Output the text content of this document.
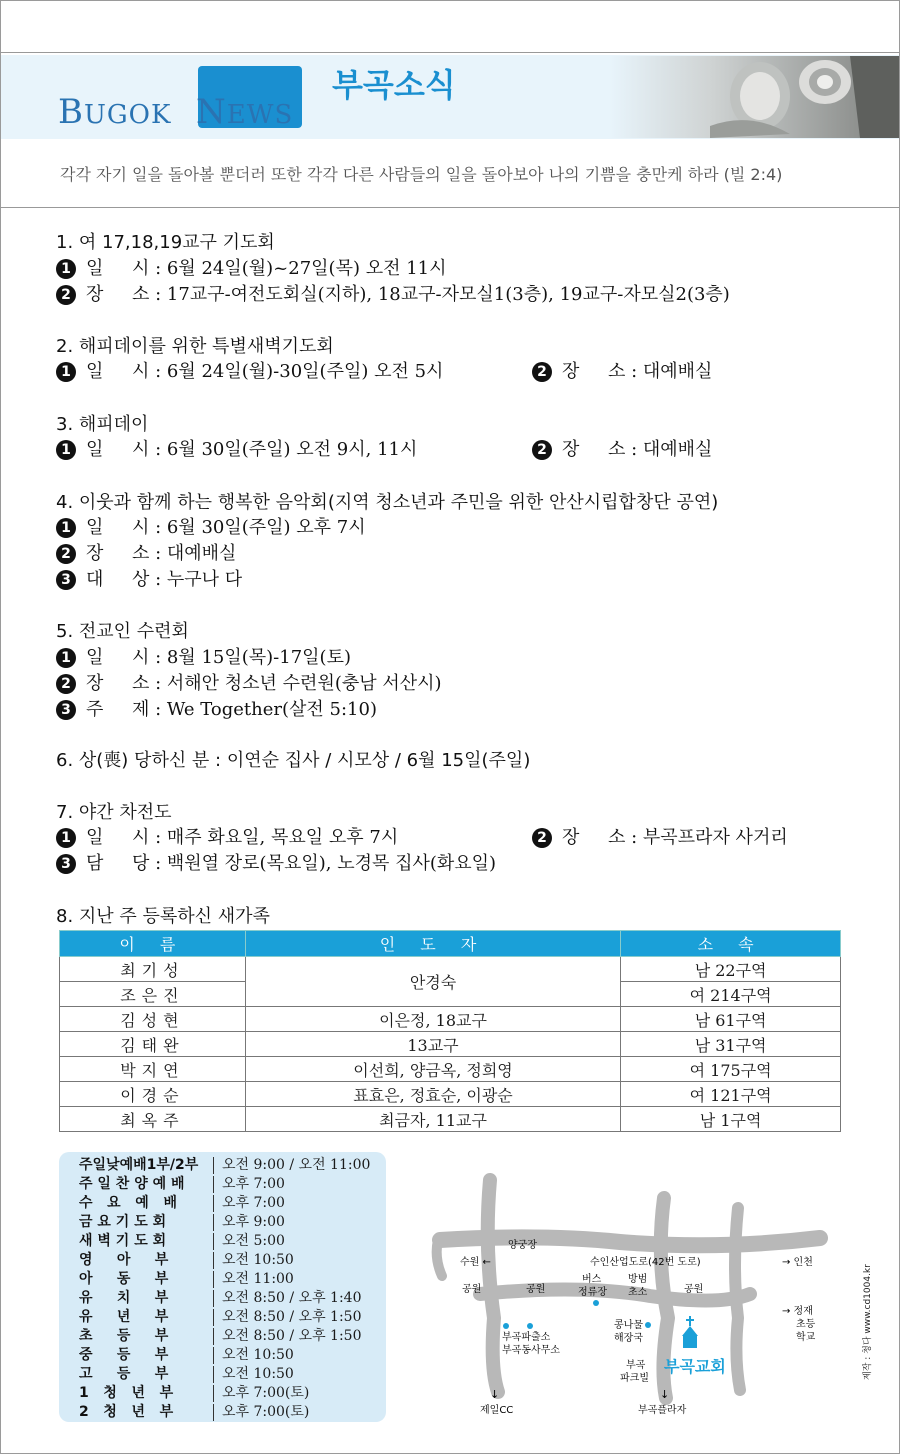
BUGOK NEWS
부곡소식
각각 자기 일을 돌아볼 뿐더러 또한 각각 다른 사람들의 일을 돌아보아 나의 기쁨을 충만케 하라 (빌 2:4)
1. 여 17,18,19교구 기도회
1 일     시 : 6월 24일(월)~27일(목) 오전 11시
2 장     소 : 17교구-여전도회실(지하), 18교구-자모실1(3층), 19교구-자모실2(3층)
2. 해피데이를 위한 특별새벽기도회
1 일     시 : 6월 24일(월)-30일(주일) 오전 5시	2 장     소 : 대예배실
3. 해피데이
1 일     시 : 6월 30일(주일) 오전 9시, 11시	2 장     소 : 대예배실
4. 이웃과 함께 하는 행복한 음악회(지역 청소년과 주민을 위한 안산시립합창단 공연)
1 일     시 : 6월 30일(주일) 오후 7시
2 장     소 : 대예배실
3 대     상 : 누구나 다
5. 전교인 수련회
1 일     시 : 8월 15일(목)-17일(토)
2 장     소 : 서해안 청소년 수련원(충남 서산시)
3 주     제 : We Together(살전 5:10)
6. 상(喪) 당하신 분 : 이연순 집사 / 시모상 / 6월 15일(주일)
7. 야간 차전도
1 일     시 : 매주 화요일, 목요일 오후 7시	2 장     소 : 부곡프라자 사거리
3 담     당 : 백원열 장로(목요일), 노경목 집사(화요일)
8. 지난 주 등록하신 새가족
이 름	인 도 자	소 속
최기성	안경숙	남 22구역
조은진		여 214구역
김성현	이은정, 18교구	남 61구역
김태완	13교구	남 31구역
박지연	이선희, 양금옥, 정희영	여 175구역
이경순	표효은, 정효순, 이광순	여 121구역
최옥주	최금자, 11교구	남 1구역
주일낮예배1부/2부 오전 9:00 / 오전 11:00
주 일 찬 양 예 배	오후 7:00
수   요   예   배	오후 7:00
금 요 기 도 회	오후 9:00
새 벽 기 도 회	오전 5:00
영     아     부	오전 10:50
아     동     부	오전 11:00
유     치     부	오전 8:50 / 오후 1:40
유     년     부	오전 8:50 / 오후 1:50
초     등     부	오전 8:50 / 오후 1:50
중     등     부	오전 10:50
고     등     부	오전 10:50
1   청   년   부	오후 7:00(토)
2   청   년   부	오후 7:00(토)
양궁장
수원 ←	수인산업도로(42번 도로)	→ 인천
공원	공원	공원
버스
정류장
방범
초소
→ 정재
초등
학교
부곡파출소
부곡동사무소
콩나물
해장국
부곡
파크빌
부곡교회
↓
제일CC
↓
부곡플라자
제작 : 청다 www.cd1004.kr
